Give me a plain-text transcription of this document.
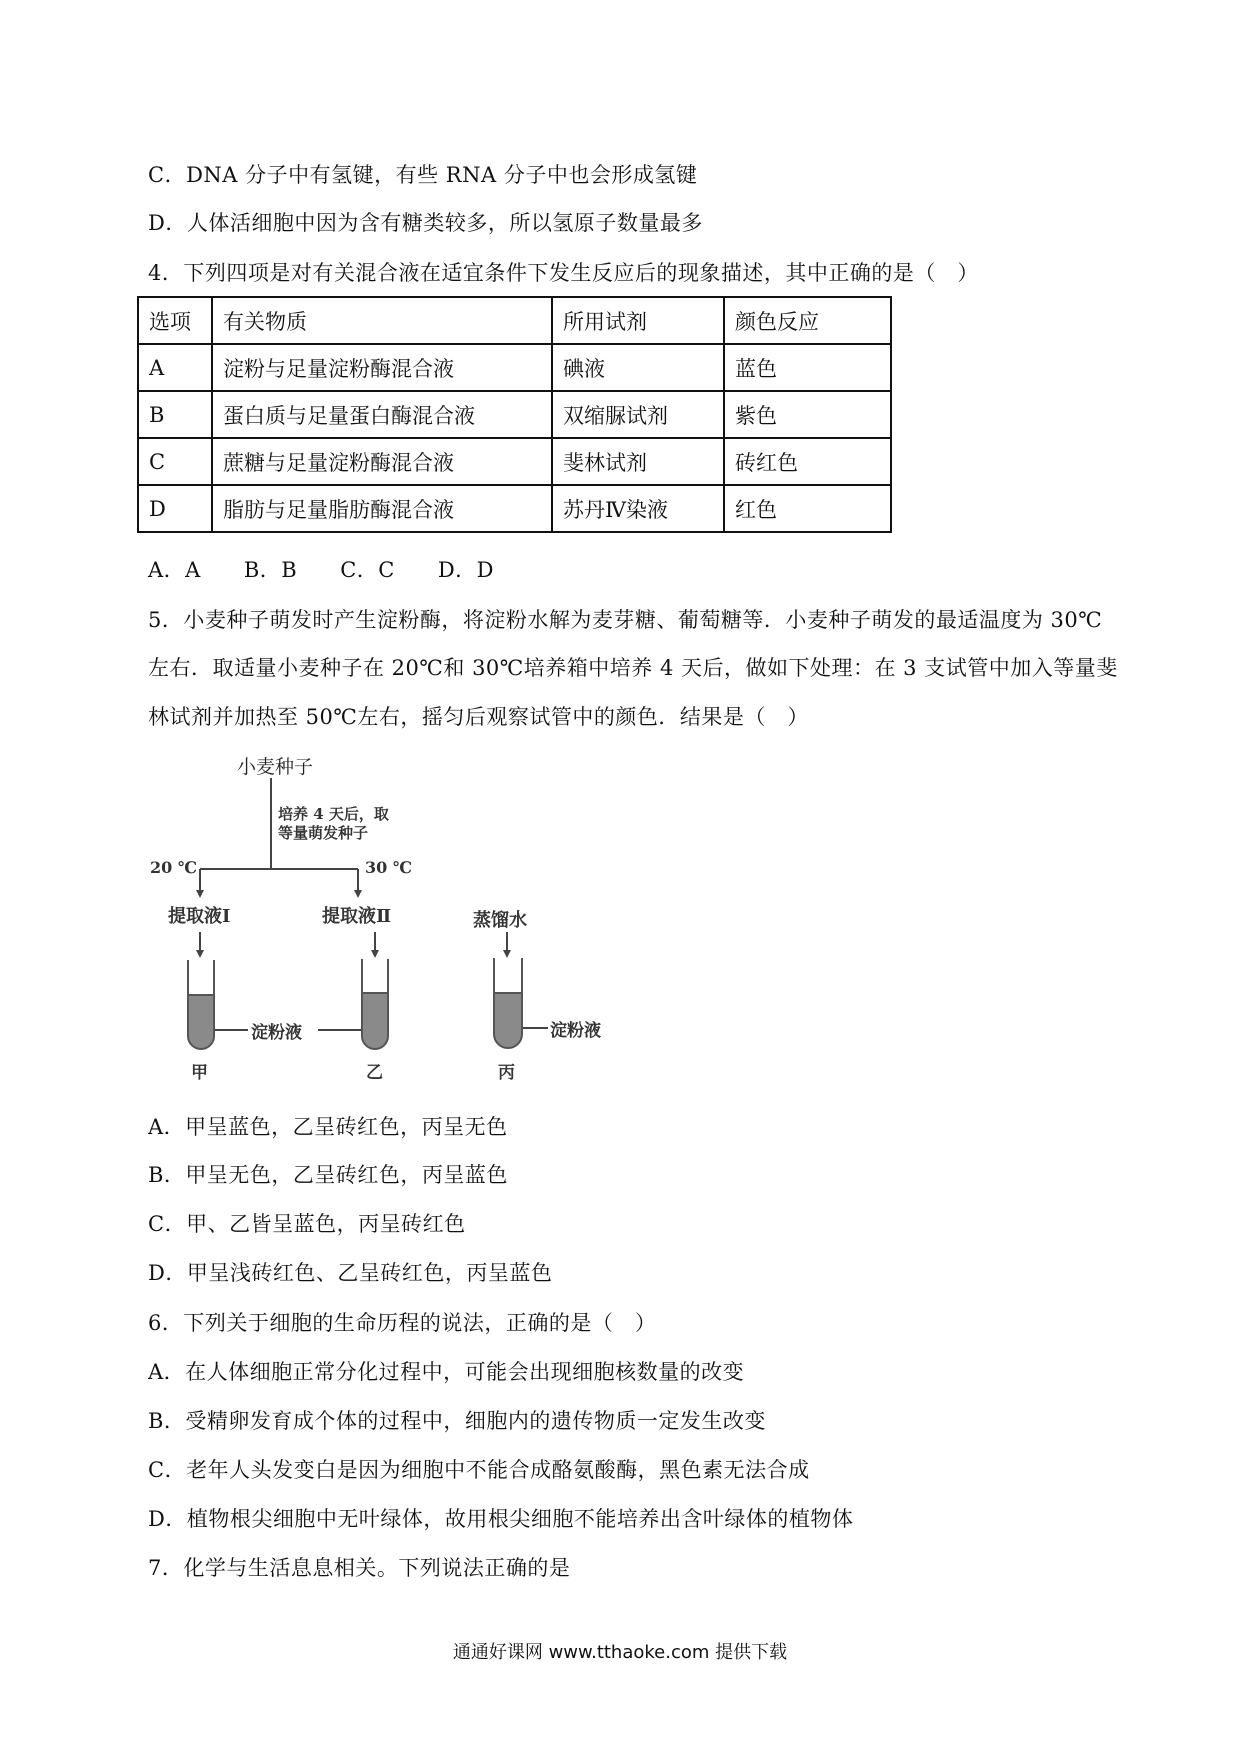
C．DNA 分子中有氢键，有些 RNA 分子中也会形成氢键
D．人体活细胞中因为含有糖类较多，所以氢原子数量最多
4．下列四项是对有关混合液在适宜条件下发生反应后的现象描述，其中正确的是（　）
选项	有关物质	所用试剂	颜色反应
A	淀粉与足量淀粉酶混合液	碘液	蓝色
B	蛋白质与足量蛋白酶混合液	双缩脲试剂	紫色
C	蔗糖与足量淀粉酶混合液	斐林试剂	砖红色
D	脂肪与足量脂肪酶混合液	苏丹Ⅳ染液	红色
A．A　　B．B　　C．C　　D．D
5．小麦种子萌发时产生淀粉酶，将淀粉水解为麦芽糖、葡萄糖等．小麦种子萌发的最适温度为 30℃
左右．取适量小麦种子在 20℃和 30℃培养箱中培养 4 天后，做如下处理：在 3 支试管中加入等量斐
林试剂并加热至 50℃左右，摇匀后观察试管中的颜色．结果是（　）
小麦种子
培养 4 天后，取
等量萌发种子
20 ℃	30 ℃
提取液Ⅰ	提取液Ⅱ	蒸馏水
淀粉液	淀粉液
甲	乙	丙
A．甲呈蓝色，乙呈砖红色，丙呈无色
B．甲呈无色，乙呈砖红色，丙呈蓝色
C．甲、乙皆呈蓝色，丙呈砖红色
D．甲呈浅砖红色、乙呈砖红色，丙呈蓝色
6．下列关于细胞的生命历程的说法，正确的是（　）
A．在人体细胞正常分化过程中，可能会出现细胞核数量的改变
B．受精卵发育成个体的过程中，细胞内的遗传物质一定发生改变
C．老年人头发变白是因为细胞中不能合成酪氨酸酶，黑色素无法合成
D．植物根尖细胞中无叶绿体，故用根尖细胞不能培养出含叶绿体的植物体
7．化学与生活息息相关。下列说法正确的是
通通好课网 www.tthaoke.com 提供下载
